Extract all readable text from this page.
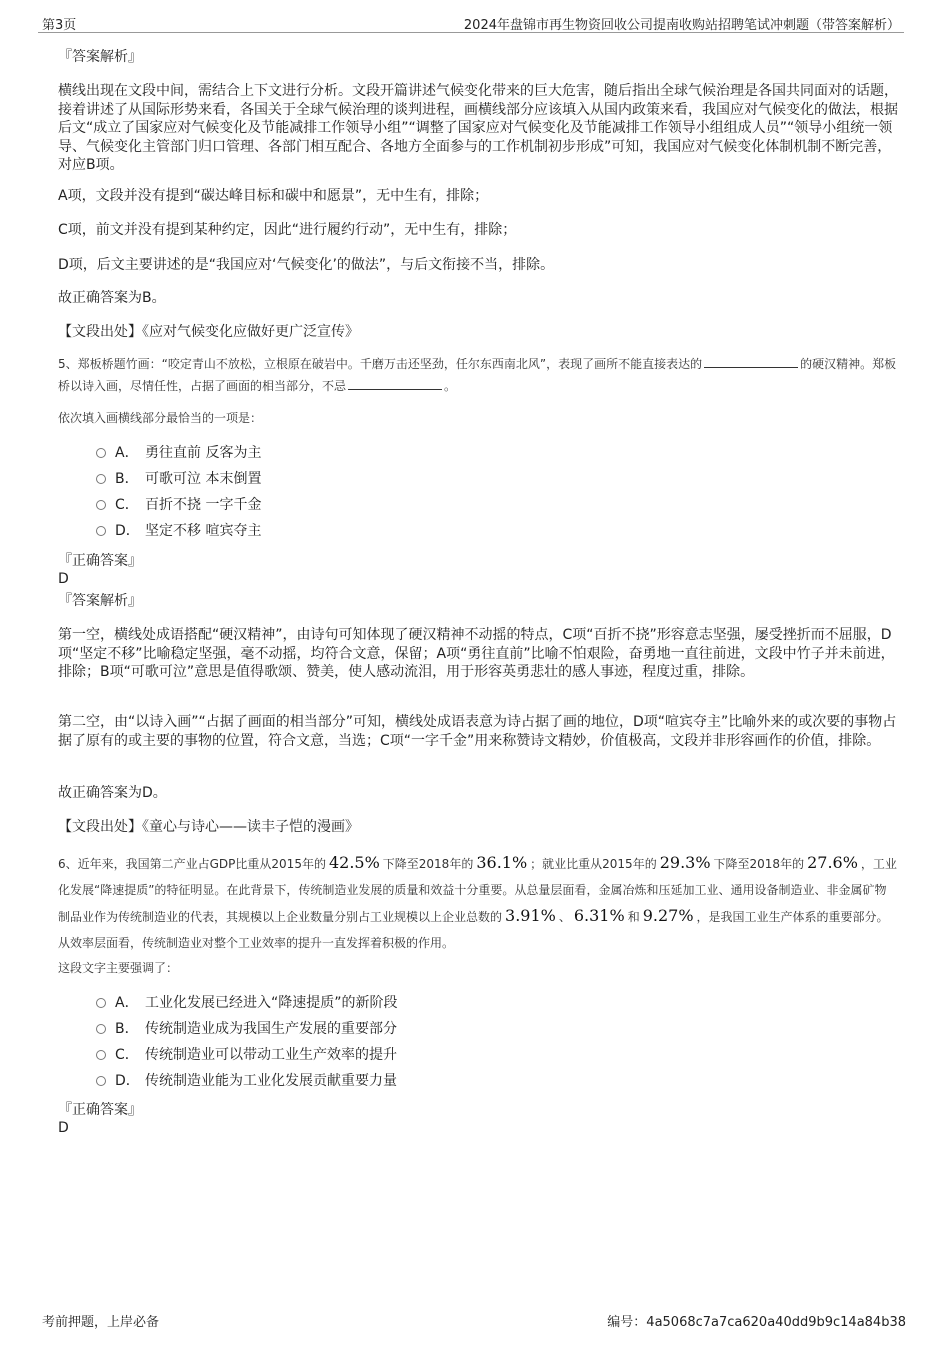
第3页	2024年盘锦市再生物资回收公司提南收购站招聘笔试冲刺题（带答案解析）
『答案解析』
横线出现在文段中间，需结合上下文进行分析。文段开篇讲述气候变化带来的巨大危害，随后指出全球气候治理是各国共同面对的话题，接着讲述了从国际形势来看，各国关于全球气候治理的谈判进程，画横线部分应该填入从国内政策来看，我国应对气候变化的做法，根据后文“成立了国家应对气候变化及节能减排工作领导小组”“调整了国家应对气候变化及节能减排工作领导小组组成人员”“领导小组统一领导、气候变化主管部门归口管理、各部门相互配合、各地方全面参与的工作机制初步形成”可知，我国应对气候变化体制机制不断完善，对应B项。
A项，文段并没有提到“碳达峰目标和碳中和愿景”，无中生有，排除；
C项，前文并没有提到某种约定，因此“进行履约行动”，无中生有，排除；
D项，后文主要讲述的是“我国应对‘气候变化’的做法”，与后文衔接不当，排除。
故正确答案为B。
【文段出处】《应对气候变化应做好更广泛宣传》
5、郑板桥题竹画：“咬定青山不放松，立根原在破岩中。千磨万击还坚劲，任尔东西南北风”，表现了画所不能直接表达的	的硬汉精神。郑板桥以诗入画，尽情任性，占据了画面的相当部分，不忌	。
依次填入画横线部分最恰当的一项是：
A． 勇往直前 反客为主
B． 可歌可泣 本末倒置
C． 百折不挠 一字千金
D． 坚定不移 喧宾夺主
『正确答案』
D
『答案解析』
第一空，横线处成语搭配“硬汉精神”，由诗句可知体现了硬汉精神不动摇的特点，C项“百折不挠”形容意志坚强，屡受挫折而不屈服，D项“坚定不移”比喻稳定坚强，毫不动摇，均符合文意，保留；A项“勇往直前”比喻不怕艰险，奋勇地一直往前进，文段中竹子并未前进，排除；B项“可歌可泣”意思是值得歌颂、赞美，使人感动流泪，用于形容英勇悲壮的感人事迹，程度过重，排除。
第二空，由“以诗入画”“占据了画面的相当部分”可知，横线处成语表意为诗占据了画的地位，D项“喧宾夺主”比喻外来的或次要的事物占据了原有的或主要的事物的位置，符合文意，当选；C项“一字千金”用来称赞诗文精妙，价值极高，文段并非形容画作的价值，排除。
故正确答案为D。
【文段出处】《童心与诗心——读丰子恺的漫画》
6、近年来，我国第二产业占GDP比重从2015年的 42.5% 下降至2018年的 36.1% ；就业比重从2015年的 29.3% 下降至2018年的 27.6% ，工业化发展“降速提质”的特征明显。在此背景下，传统制造业发展的质量和效益十分重要。从总量层面看，金属冶炼和压延加工业、通用设备制造业、非金属矿物制品业作为传统制造业的代表，其规模以上企业数量分别占工业规模以上企业总数的 3.91% 、 6.31% 和 9.27% ，是我国工业生产体系的重要部分。从效率层面看，传统制造业对整个工业效率的提升一直发挥着积极的作用。
这段文字主要强调了：
A． 工业化发展已经进入“降速提质”的新阶段
B． 传统制造业成为我国生产发展的重要部分
C． 传统制造业可以带动工业生产效率的提升
D． 传统制造业能为工业化发展贡献重要力量
『正确答案』
D
考前押题，上岸必备	编号：4a5068c7a7ca620a40dd9b9c14a84b38
